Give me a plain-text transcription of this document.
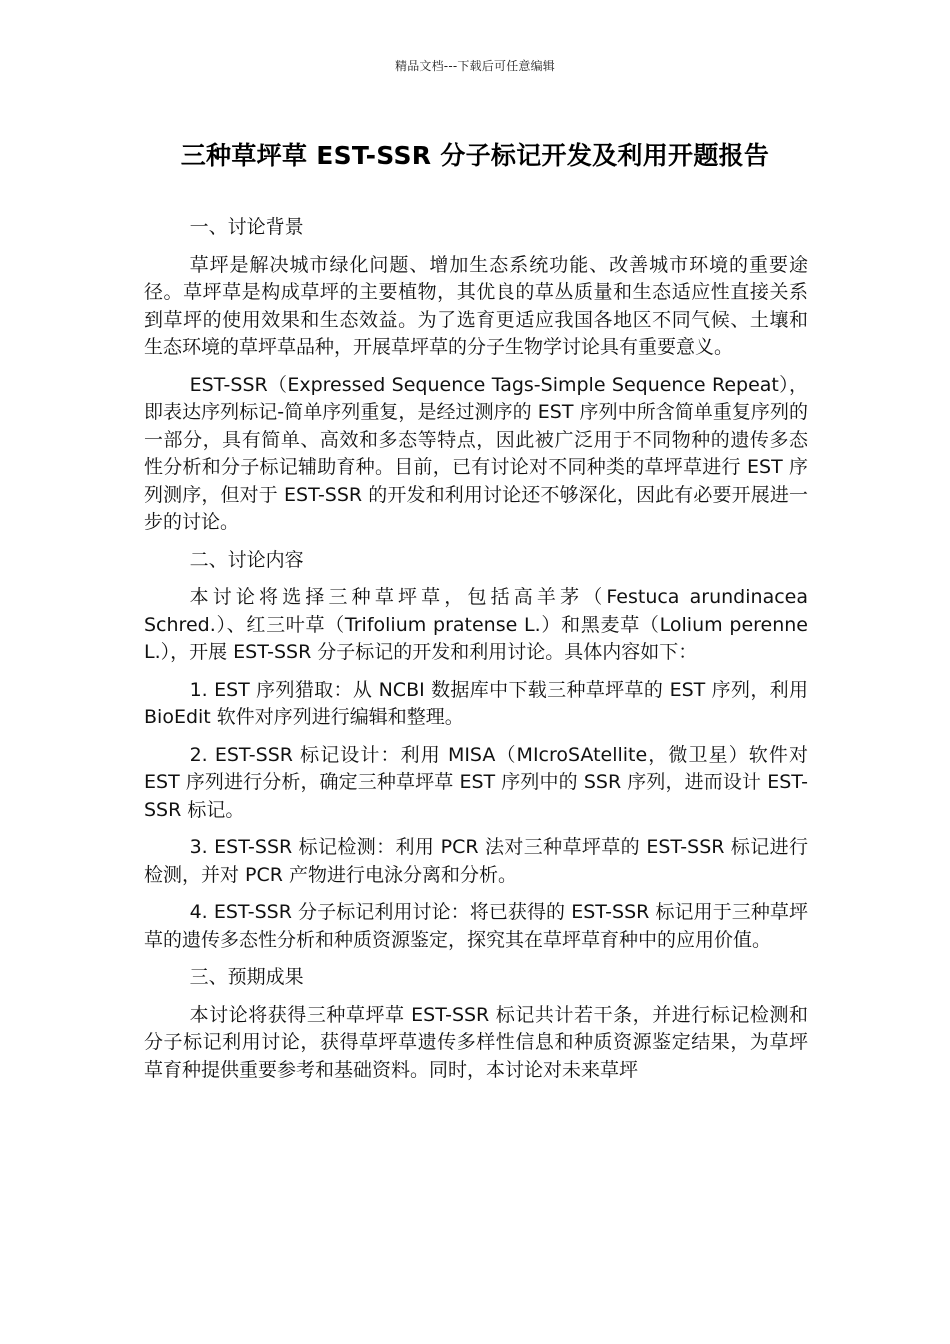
精品文档---下载后可任意编辑
三种草坪草 EST-SSR 分子标记开发及利用开题报告

一、讨论背景

草坪是解决城市绿化问题、增加生态系统功能、改善城市环境的重要途径。草坪草是构成草坪的主要植物，其优良的草丛质量和生态适应性直接关系到草坪的使用效果和生态效益。为了选育更适应我国各地区不同气候、土壤和生态环境的草坪草品种，开展草坪草的分子生物学讨论具有重要意义。

EST-SSR（Expressed Sequence Tags-Simple Sequence Repeat），即表达序列标记-简单序列重复，是经过测序的 EST 序列中所含简单重复序列的一部分，具有简单、高效和多态等特点，因此被广泛用于不同物种的遗传多态性分析和分子标记辅助育种。目前，已有讨论对不同种类的草坪草进行 EST 序列测序，但对于 EST-SSR 的开发和利用讨论还不够深化，因此有必要开展进一步的讨论。

二、讨论内容

本讨论将选择三种草坪草，包括高羊茅（Festuca arundinacea Schred.）、红三叶草（Trifolium pratense L.）和黑麦草（Lolium perenne L.），开展 EST-SSR 分子标记的开发和利用讨论。具体内容如下：

1. EST 序列猎取：从 NCBI 数据库中下载三种草坪草的 EST 序列，利用 BioEdit 软件对序列进行编辑和整理。

2. EST-SSR 标记设计：利用 MISA（MIcroSAtellite，微卫星）软件对 EST 序列进行分析，确定三种草坪草 EST 序列中的 SSR 序列，进而设计 EST-SSR 标记。

3. EST-SSR 标记检测：利用 PCR 法对三种草坪草的 EST-SSR 标记进行检测，并对 PCR 产物进行电泳分离和分析。

4. EST-SSR 分子标记利用讨论：将已获得的 EST-SSR 标记用于三种草坪草的遗传多态性分析和种质资源鉴定，探究其在草坪草育种中的应用价值。

三、预期成果

本讨论将获得三种草坪草 EST-SSR 标记共计若干条，并进行标记检测和分子标记利用讨论，获得草坪草遗传多样性信息和种质资源鉴定结果，为草坪草育种提供重要参考和基础资料。同时，本讨论对未来草坪
